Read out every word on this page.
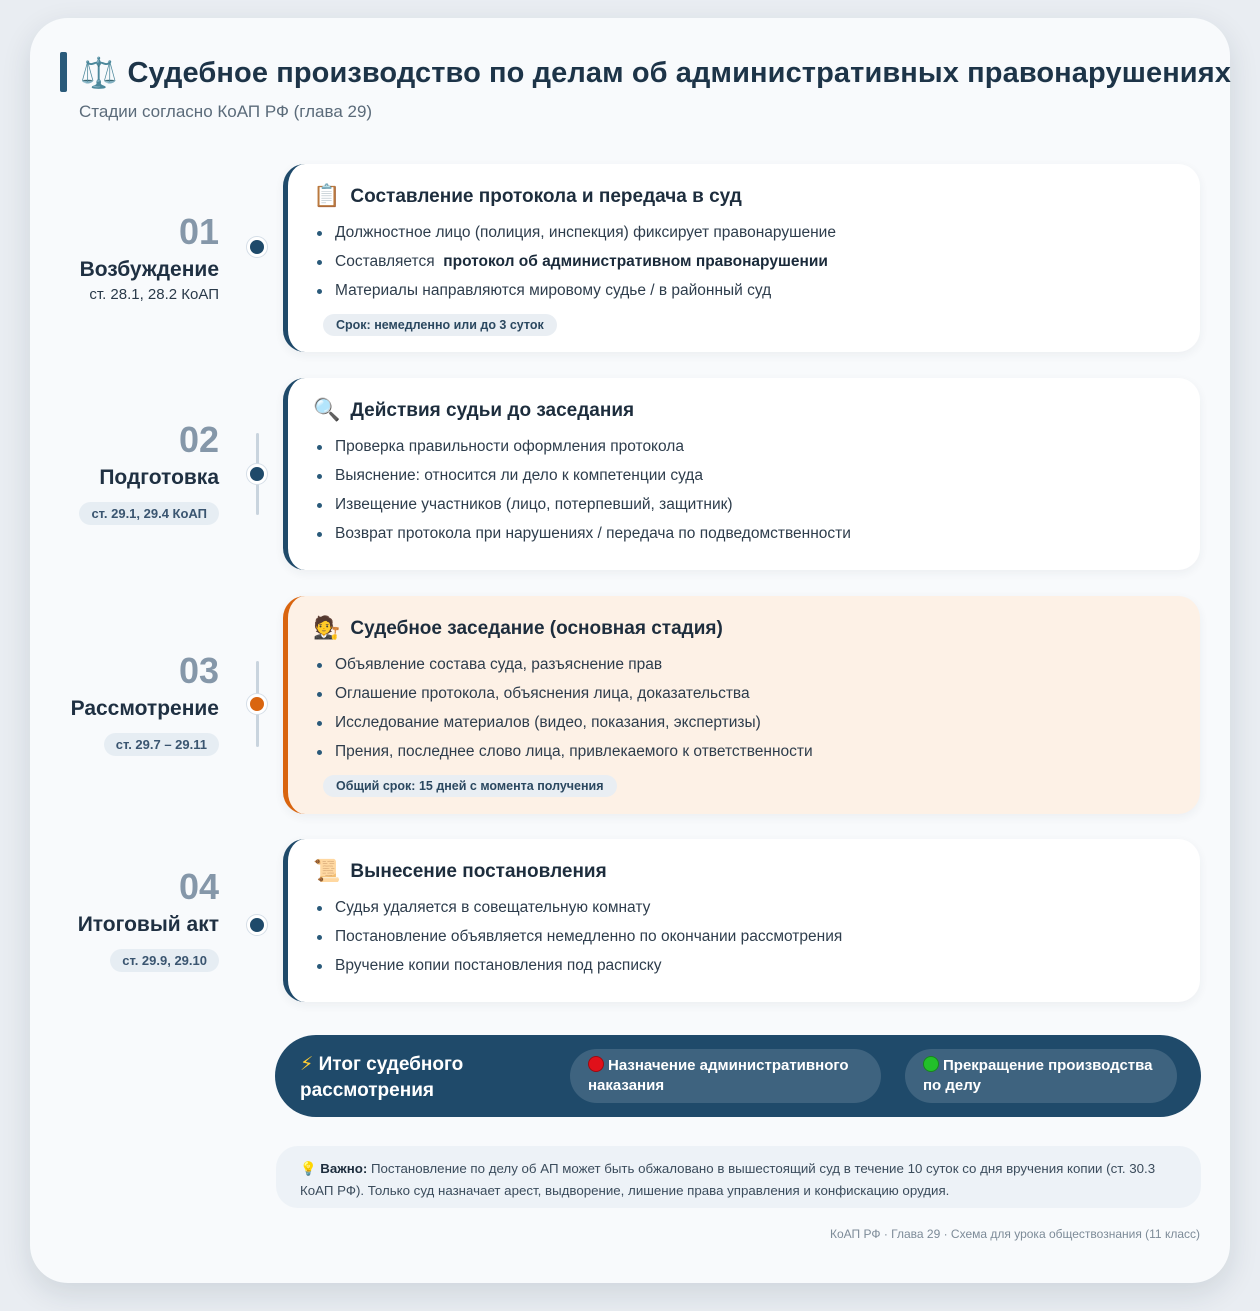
⚖️ Судебное производство по делам об административных правонарушениях
Стадии согласно КоАП РФ (глава 29)
01
Возбуждение
ст. 28.1, 28.2 КоАП
📋 Составление протокола и передача в суд
Должностное лицо (полиция, инспекция) фиксирует правонарушение
Составляется протокол об административном правонарушении
Материалы направляются мировому судье / в районный суд
Срок: немедленно или до 3 суток
02
Подготовка
ст. 29.1, 29.4 КоАП
🔍 Действия судьи до заседания
Проверка правильности оформления протокола
Выяснение: относится ли дело к компетенции суда
Извещение участников (лицо, потерпевший, защитник)
Возврат протокола при нарушениях / передача по подведомственности
03
Рассмотрение
ст. 29.7 – 29.11
🧑‍⚖️ Судебное заседание (основная стадия)
Объявление состава суда, разъяснение прав
Оглашение протокола, объяснения лица, доказательства
Исследование материалов (видео, показания, экспертизы)
Прения, последнее слово лица, привлекаемого к ответственности
Общий срок: 15 дней с момента получения
04
Итоговый акт
ст. 29.9, 29.10
📜 Вынесение постановления
Судья удаляется в совещательную комнату
Постановление объявляется немедленно по окончании рассмотрения
Вручение копии постановления под расписку
⚡ Итог судебного рассмотрения
Назначение административного наказания
Прекращение производства по делу
💡 Важно: Постановление по делу об АП может быть обжаловано в вышестоящий суд в течение 10 суток со дня вручения копии (ст. 30.3 КоАП РФ). Только суд назначает арест, выдворение, лишение права управления и конфискацию орудия.
КоАП РФ · Глава 29 · Схема для урока обществознания (11 класс)
